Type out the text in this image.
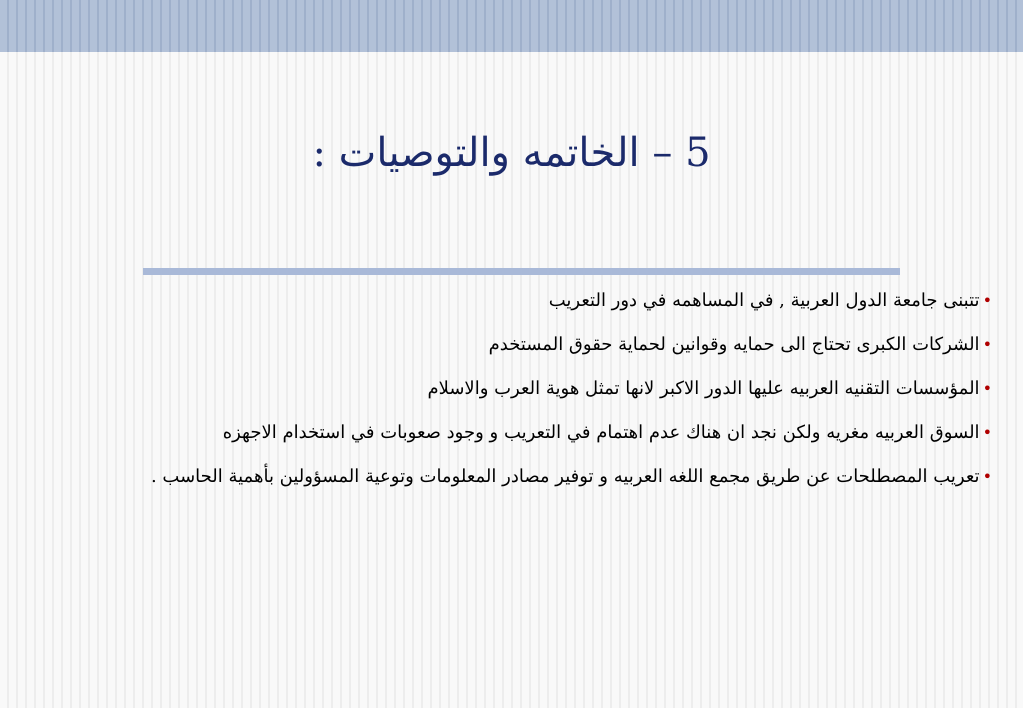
5 – الخاتمه والتوصيات :

•تتبنى جامعة الدول العربية , في المساهمه في دور التعريب

•الشركات الكبرى تحتاج الى حمايه وقوانين لحماية حقوق المستخدم

•المؤسسات التقنيه العربيه عليها الدور الاكبر لانها تمثل هوية العرب والاسلام

•السوق العربيه مغريه ولكن نجد ان هناك عدم اهتمام في التعريب و وجود صعوبات في استخدام الاجهزه

•تعريب المصطلحات عن طريق مجمع اللغه العربيه و توفير مصادر المعلومات وتوعية المسؤولين بأهمية الحاسب .
